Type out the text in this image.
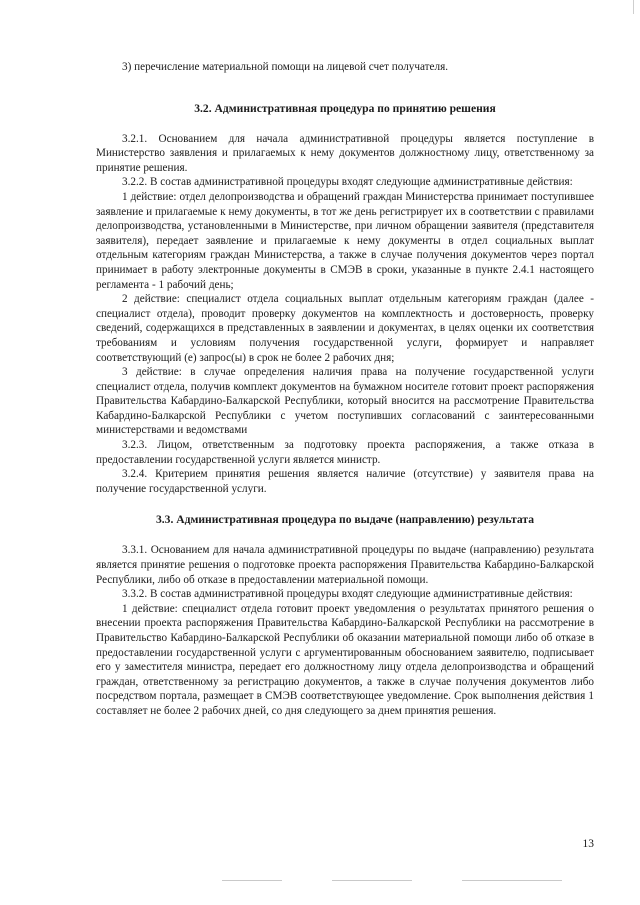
3) перечисление материальной помощи на лицевой счет получателя.

3.2. Административная процедура по принятию решения

3.2.1. Основанием для начала административной процедуры является поступление в Министерство заявления и прилагаемых к нему документов должностному лицу, ответственному за принятие решения.

3.2.2. В состав административной процедуры входят следующие административные действия:

1 действие: отдел делопроизводства и обращений граждан Министерства принимает поступившее заявление и прилагаемые к нему документы, в тот же день регистрирует их в соответствии с правилами делопроизводства, установленными в Министерстве, при личном обращении заявителя (представителя заявителя), передает заявление и прилагаемые к нему документы в отдел социальных выплат отдельным категориям граждан Министерства, а также в случае получения документов через портал принимает в работу электронные документы в СМЭВ в сроки, указанные в пункте 2.4.1 настоящего регламента - 1 рабочий день;

2 действие: специалист отдела социальных выплат отдельным категориям граждан (далее - специалист отдела), проводит проверку документов на комплектность и достоверность, проверку сведений, содержащихся в представленных в заявлении и документах, в целях оценки их соответствия требованиям и условиям получения государственной услуги, формирует и направляет соответствующий (е) запрос(ы) в срок не более 2 рабочих дня;

3 действие: в случае определения наличия права на получение государственной услуги специалист отдела, получив комплект документов на бумажном носителе готовит проект распоряжения Правительства Кабардино-Балкарской Республики, который вносится на рассмотрение Правительства Кабардино-Балкарской Республики с учетом поступивших согласований с заинтересованными министерствами и ведомствами

3.2.3. Лицом, ответственным за подготовку проекта распоряжения, а также отказа в предоставлении государственной услуги является министр.

3.2.4. Критерием принятия решения является наличие (отсутствие) у заявителя права на получение государственной услуги.

3.3. Административная процедура по выдаче (направлению) результата

3.3.1. Основанием для начала административной процедуры по выдаче (направлению) результата является принятие решения о подготовке проекта распоряжения Правительства Кабардино-Балкарской Республики, либо об отказе в предоставлении материальной помощи.

3.3.2. В состав административной процедуры входят следующие административные действия:

1 действие: специалист отдела готовит проект уведомления о результатах принятого решения о внесении проекта распоряжения Правительства Кабардино-Балкарской Республики на рассмотрение в Правительство Кабардино-Балкарской Республики об оказании материальной помощи либо об отказе в предоставлении государственной услуги с аргументированным обоснованием заявителю, подписывает его у заместителя министра, передает его должностному лицу отдела делопроизводства и обращений граждан, ответственному за регистрацию документов, а также в случае получения документов либо посредством портала, размещает в СМЭВ соответствующее уведомление. Срок выполнения действия 1 составляет не более 2 рабочих дней, со дня следующего за днем принятия решения.

13
